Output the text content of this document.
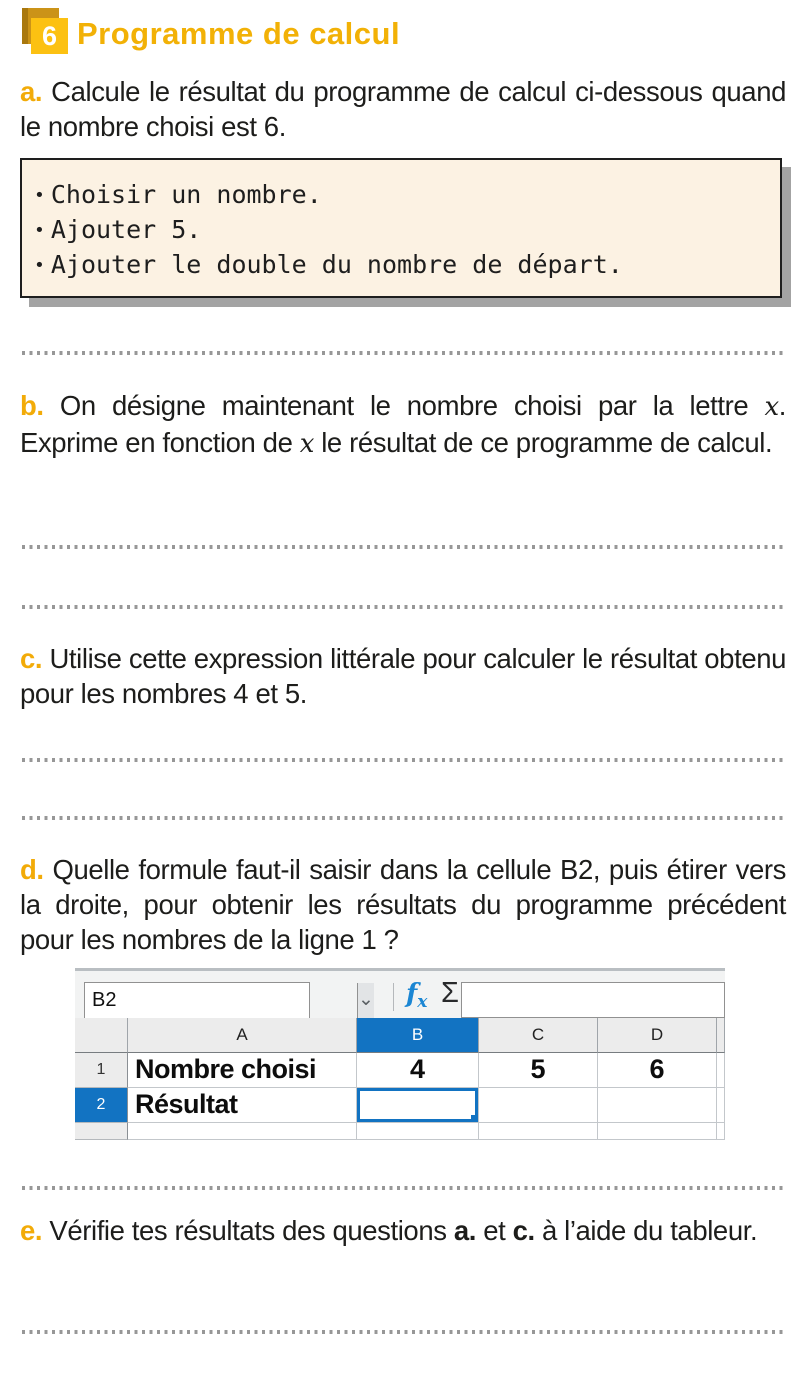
6 Programme de calcul
a. Calcule le résultat du programme de calcul ci-dessous quand le nombre choisi est 6.
• Choisir un nombre.
• Ajouter 5.
• Ajouter le double du nombre de départ.
b. On désigne maintenant le nombre choisi par la lettre x. Exprime en fonction de x le résultat de ce programme de calcul.
c. Utilise cette expression littérale pour calculer le résultat obtenu pour les nombres 4 et 5.
d. Quelle formule faut-il saisir dans la cellule B2, puis étirer vers la droite, pour obtenir les résultats du programme précédent pour les nombres de la ligne 1 ?
B2
⌄ fx Σ
A	B	C	D
1	Nombre choisi	4	5	6
2	Résultat
e. Vérifie tes résultats des questions a. et c. à l’aide du tableur.
